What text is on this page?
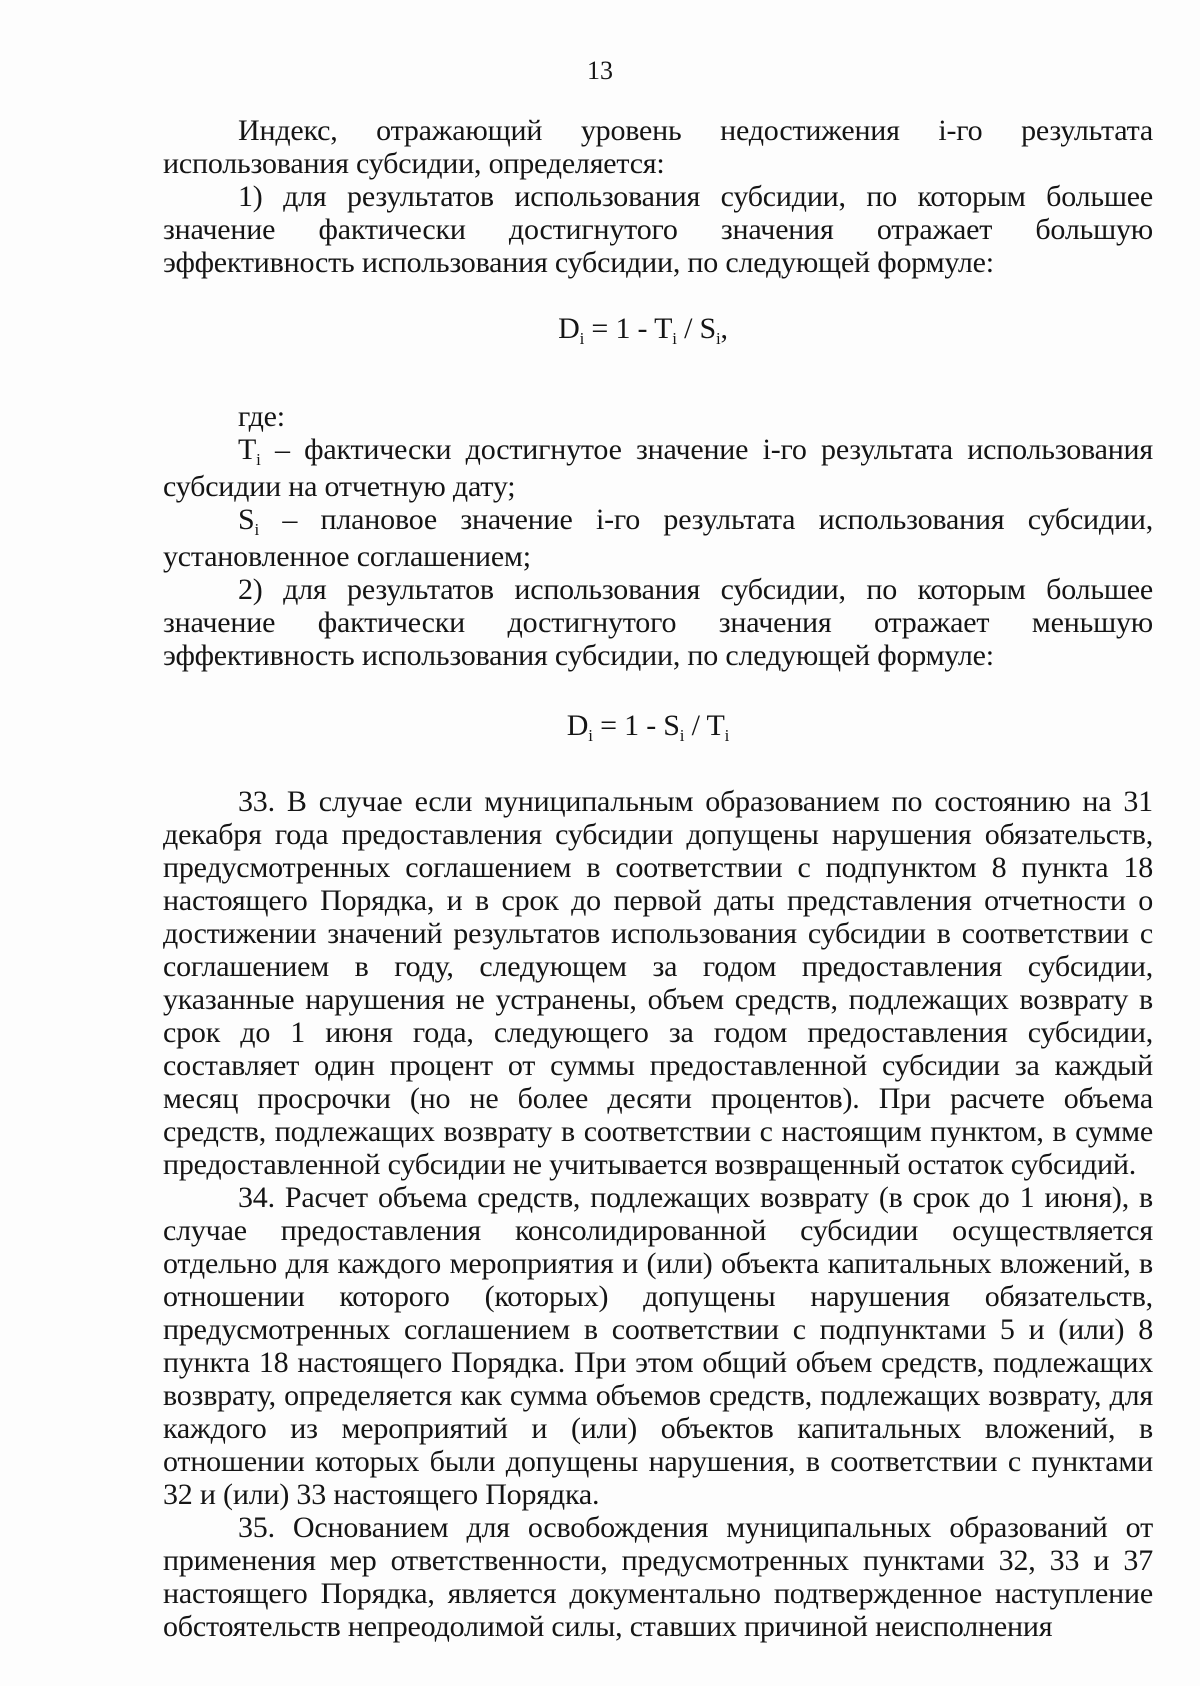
13

Индекс, отражающий уровень недостижения i-го результата использования субсидии, определяется:

1) для результатов использования субсидии, по которым большее значение фактически достигнутого значения отражает большую эффективность использования субсидии, по следующей формуле:

$D_i = 1 - T_i / S_i$,

где:

$T_i$ – фактически достигнутое значение i-го результата использования субсидии на отчетную дату;

$S_i$ – плановое значение i-го результата использования субсидии, установленное соглашением;

2) для результатов использования субсидии, по которым большее значение фактически достигнутого значения отражает меньшую эффективность использования субсидии, по следующей формуле:

$D_i = 1 - S_i / T_i$

33. В случае если муниципальным образованием по состоянию на 31 декабря года предоставления субсидии допущены нарушения обязательств, предусмотренных соглашением в соответствии с подпунктом 8 пункта 18 настоящего Порядка, и в срок до первой даты представления отчетности о достижении значений результатов использования субсидии в соответствии с соглашением в году, следующем за годом предоставления субсидии, указанные нарушения не устранены, объем средств, подлежащих возврату в срок до 1 июня года, следующего за годом предоставления субсидии, составляет один процент от суммы предоставленной субсидии за каждый месяц просрочки (но не более десяти процентов). При расчете объема средств, подлежащих возврату в соответствии с настоящим пунктом, в сумме предоставленной субсидии не учитывается возвращенный остаток субсидий.

34. Расчет объема средств, подлежащих возврату (в срок до 1 июня), в случае предоставления консолидированной субсидии осуществляется отдельно для каждого мероприятия и (или) объекта капитальных вложений, в отношении которого (которых) допущены нарушения обязательств, предусмотренных соглашением в соответствии с подпунктами 5 и (или) 8 пункта 18 настоящего Порядка. При этом общий объем средств, подлежащих возврату, определяется как сумма объемов средств, подлежащих возврату, для каждого из мероприятий и (или) объектов капитальных вложений, в отношении которых были допущены нарушения, в соответствии с пунктами 32 и (или) 33 настоящего Порядка.

35. Основанием для освобождения муниципальных образований от применения мер ответственности, предусмотренных пунктами 32, 33 и 37 настоящего Порядка, является документально подтвержденное наступление обстоятельств непреодолимой силы, ставших причиной неисполнения
